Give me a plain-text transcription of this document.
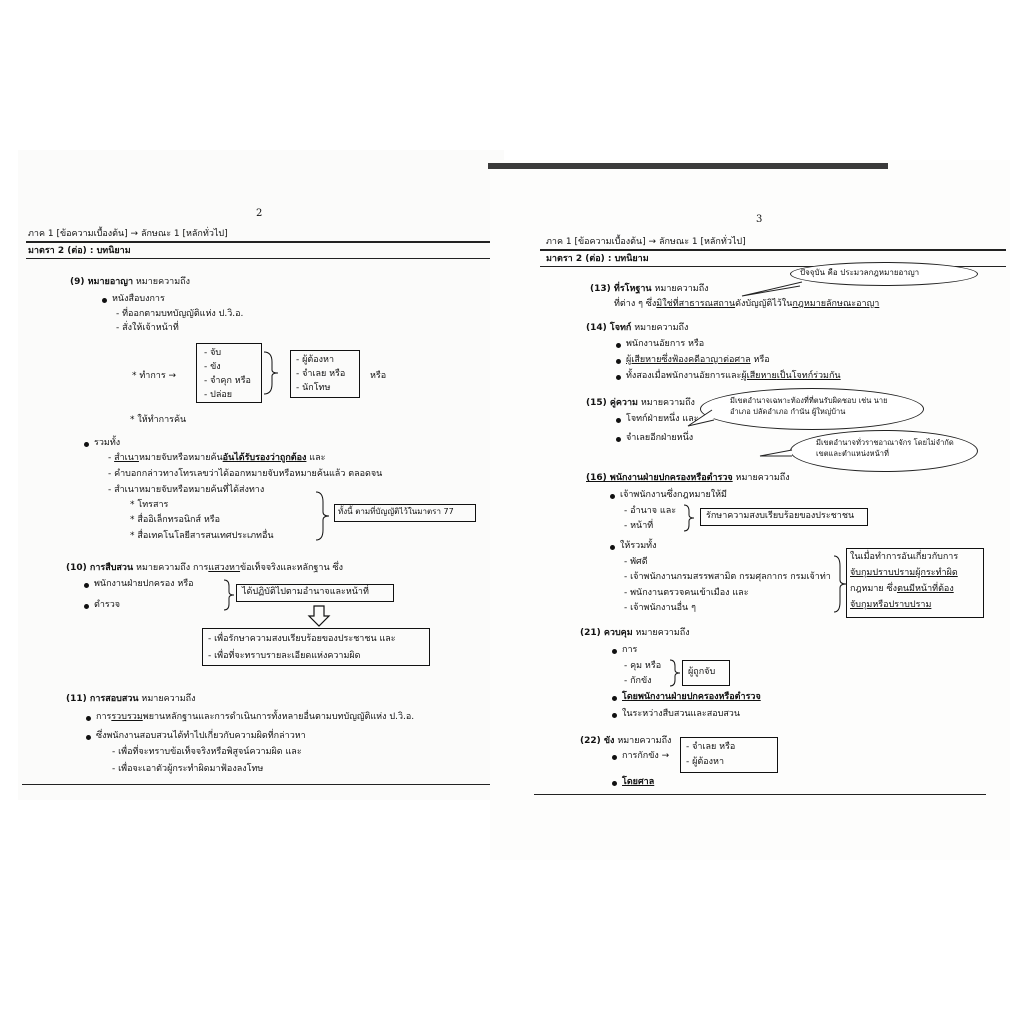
2
ภาค 1 [ข้อความเบื้องต้น] → ลักษณะ 1 [หลักทั่วไป]
มาตรา 2 (ต่อ) : บทนิยาม
(9) หมายอาญา หมายความถึง
หนังสือบงการ
- ที่ออกตามบทบัญญัติแห่ง ป.วิ.อ.
- สั่งให้เจ้าหน้าที่
* ทำการ →
- จับ
- ขัง
- จำคุก หรือ
- ปล่อย
- ผู้ต้องหา
- จำเลย หรือ
- นักโทษ
หรือ
* ให้ทำการค้น
รวมทั้ง
- สำเนาหมายจับหรือหมายค้นอันได้รับรองว่าถูกต้อง และ
- คำบอกกล่าวทางโทรเลขว่าได้ออกหมายจับหรือหมายค้นแล้ว ตลอดจน
- สำเนาหมายจับหรือหมายค้นที่ได้ส่งทาง
* โทรสาร
* สื่ออิเล็กทรอนิกส์ หรือ
* สื่อเทคโนโลยีสารสนเทศประเภทอื่น
ทั้งนี้ ตามที่บัญญัติไว้ในมาตรา 77
(10) การสืบสวน หมายความถึง การแสวงหาข้อเท็จจริงและหลักฐาน ซึ่ง
พนักงานฝ่ายปกครอง หรือ
ตำรวจ
ได้ปฏิบัติไปตามอำนาจและหน้าที่
- เพื่อรักษาความสงบเรียบร้อยของประชาชน และ
- เพื่อที่จะทราบรายละเอียดแห่งความผิด
(11) การสอบสวน หมายความถึง
การรวบรวมพยานหลักฐานและการดำเนินการทั้งหลายอื่นตามบทบัญญัติแห่ง ป.วิ.อ.
ซึ่งพนักงานสอบสวนได้ทำไปเกี่ยวกับความผิดที่กล่าวหา
- เพื่อที่จะทราบข้อเท็จจริงหรือพิสูจน์ความผิด และ
- เพื่อจะเอาตัวผู้กระทำผิดมาฟ้องลงโทษ
3
ภาค 1 [ข้อความเบื้องต้น] → ลักษณะ 1 [หลักทั่วไป]
มาตรา 2 (ต่อ) : บทนิยาม
ปัจจุบัน คือ ประมวลกฎหมายอาญา
(13) ที่รโหฐาน หมายความถึง
ที่ต่าง ๆ ซึ่งมิใช่ที่สาธารณสถานดังบัญญัติไว้ในกฎหมายลักษณะอาญา
(14) โจทก์ หมายความถึง
พนักงานอัยการ หรือ
ผู้เสียหายซึ่งฟ้องคดีอาญาต่อศาล หรือ
ทั้งสองเมื่อพนักงานอัยการและผู้เสียหายเป็นโจทก์ร่วมกัน
มีเขตอำนาจเฉพาะท้องที่ที่ตนรับผิดชอบ เช่น นายอำเภอ ปลัดอำเภอ กำนัน ผู้ใหญ่บ้าน
(15) คู่ความ หมายความถึง
โจทก์ฝ่ายหนึ่ง และ
จำเลยอีกฝ่ายหนึ่ง	มีเขตอำนาจทั่วราชอาณาจักร โดยไม่จำกัดเขตและตำแหน่งหน้าที่
(16) พนักงานฝ่ายปกครองหรือตำรวจ หมายความถึง
เจ้าพนักงานซึ่งกฎหมายให้มี
- อำนาจ และ
- หน้าที่
รักษาความสงบเรียบร้อยของประชาชน
ให้รวมทั้ง
- พัศดี
- เจ้าพนักงานกรมสรรพสามิต กรมศุลกากร กรมเจ้าท่า
- พนักงานตรวจคนเข้าเมือง และ
- เจ้าพนักงานอื่น ๆ
ในเมื่อทำการอันเกี่ยวกับการ
จับกุมปราบปรามผู้กระทำผิด
กฎหมาย ซึ่งตนมีหน้าที่ต้อง
จับกุมหรือปราบปราม
(21) ควบคุม หมายความถึง
การ
- คุม หรือ
- กักขัง
ผู้ถูกจับ
โดยพนักงานฝ่ายปกครองหรือตำรวจ
ในระหว่างสืบสวนและสอบสวน
(22) ขัง หมายความถึง
การกักขัง →
- จำเลย หรือ
- ผู้ต้องหา
โดยศาล
